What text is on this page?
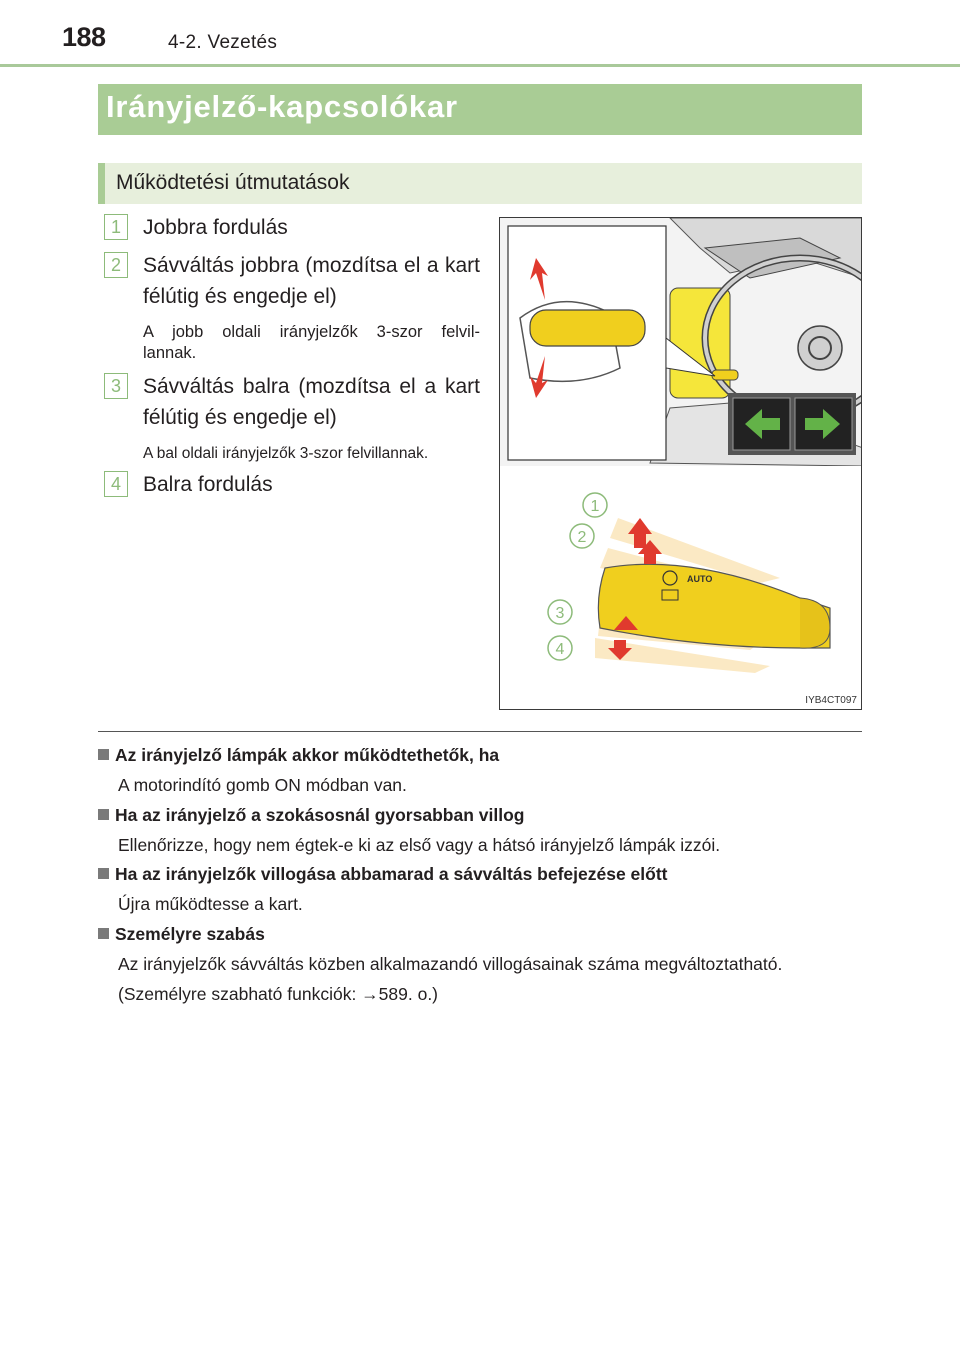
188	4-2. Vezetés
Irányjelző-kapcsolókar
Működtetési útmutatások
1	Jobbra fordulás
2	Sávváltás jobbra (mozdítsa el a kart
félútig és engedje el)
A jobb oldali irányjelzők 3-szor felvil-
lannak.
3	Sávváltás balra (mozdítsa el a kart
félútig és engedje el)
A bal oldali irányjelzők 3-szor felvillannak.
4	Balra fordulás
AUTO
1
2
3
4
IYB4CT097
Az irányjelző lámpák akkor működtethetők, ha
A motorindító gomb ON módban van.
Ha az irányjelző a szokásosnál gyorsabban villog
Ellenőrizze, hogy nem égtek-e ki az első vagy a hátsó irányjelző lámpák izzói.
Ha az irányjelzők villogása abbamarad a sávváltás befejezése előtt
Újra működtesse a kart.
Személyre szabás
Az irányjelzők sávváltás közben alkalmazandó villogásainak száma megváltoztatható.
(Személyre szabható funkciók: →589. o.)
